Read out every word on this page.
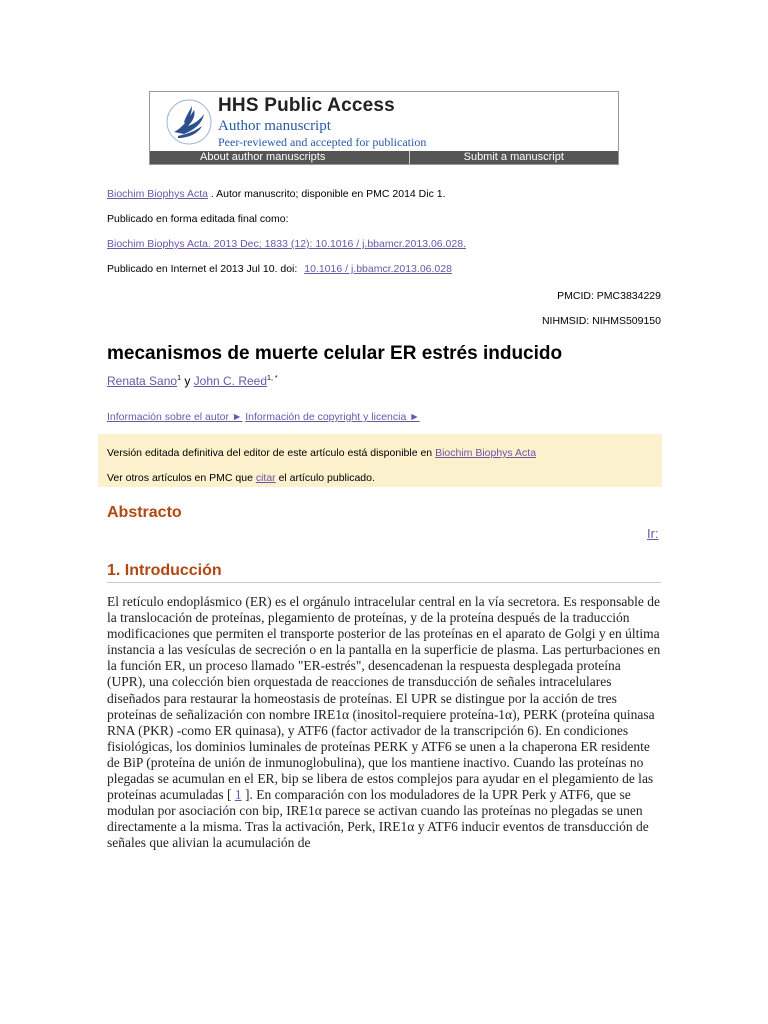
HHS Public Access
Author manuscript
Peer-reviewed and accepted for publication
About author manuscripts	Submit a manuscript
Biochim Biophys Acta . Autor manuscrito; disponible en PMC 2014 Dic 1.
Publicado en forma editada final como:
Biochim Biophys Acta. 2013 Dec; 1833 (12): 10.1016 / j.bbamcr.2013.06.028.
Publicado en Internet el 2013 Jul 10. doi: 10.1016 / j.bbamcr.2013.06.028
PMCID: PMC3834229
NIHMSID: NIHMS509150
mecanismos de muerte celular ER estrés inducido
Renata Sano$^1$ y John C. Reed$^{1, *}$
Información sobre el autor ► Información de copyright y licencia ►
Versión editada definitiva del editor de este artículo está disponible en Biochim Biophys Acta
Ver otros artículos en PMC que citar el artículo publicado.
Abstracto
Ir:
1. Introducción

El retículo endoplásmico (ER) es el orgánulo intracelular central en la vía secretora. Es responsable de la translocación de proteínas, plegamiento de proteínas, y de la proteína después de la traducción modificaciones que permiten el transporte posterior de las proteínas en el aparato de Golgi y en última instancia a las vesículas de secreción o en la pantalla en la superficie de plasma. Las perturbaciones en la función ER, un proceso llamado "ER-estrés", desencadenan la respuesta desplegada proteína (UPR), una colección bien orquestada de reacciones de transducción de señales intracelulares diseñados para restaurar la homeostasis de proteínas. El UPR se distingue por la acción de tres proteínas de señalización con nombre IRE1α (inositol-requiere proteína-1α), PERK (proteína quinasa RNA (PKR) -como ER quinasa), y ATF6 (factor activador de la transcripción 6). En condiciones fisiológicas, los dominios luminales de proteínas PERK y ATF6 se unen a la chaperona ER residente de BiP (proteína de unión de inmunoglobulina), que los mantiene inactivo. Cuando las proteínas no plegadas se acumulan en el ER, bip se libera de estos complejos para ayudar en el plegamiento de las proteínas acumuladas [ 1 ]. En comparación con los moduladores de la UPR Perk y ATF6, que se modulan por asociación con bip, IRE1α parece se activan cuando las proteínas no plegadas se unen directamente a la misma. Tras la activación, Perk, IRE1α y ATF6 inducir eventos de transducción de señales que alivian la acumulación de
